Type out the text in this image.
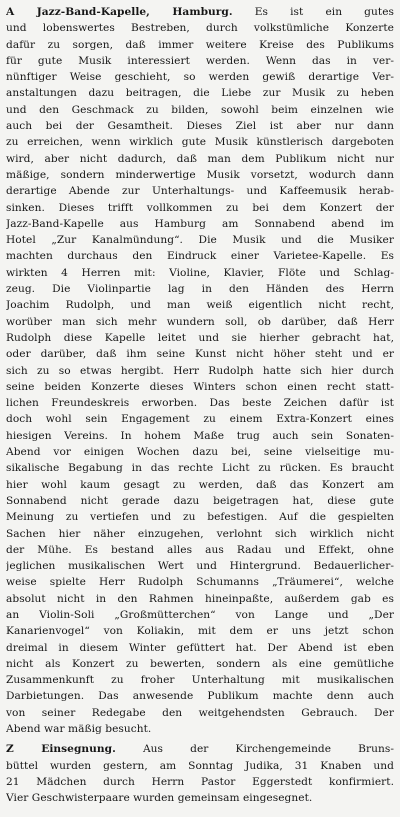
A Jazz-Band-Kapelle, Hamburg. Es ist ein gutes
und lobenswertes Bestreben, durch volkstümliche Konzerte
dafür zu sorgen, daß immer weitere Kreise des Publikums
für gute Musik interessiert werden. Wenn das in ver-
nünftiger Weise geschieht, so werden gewiß derartige Ver-
anstaltungen dazu beitragen, die Liebe zur Musik zu heben
und den Geschmack zu bilden, sowohl beim einzelnen wie
auch bei der Gesamtheit. Dieses Ziel ist aber nur dann
zu erreichen, wenn wirklich gute Musik künstlerisch dargeboten
wird, aber nicht dadurch, daß man dem Publikum nicht nur
mäßige, sondern minderwertige Musik vorsetzt, wodurch dann
derartige Abende zur Unterhaltungs- und Kaffeemusik herab-
sinken. Dieses trifft vollkommen zu bei dem Konzert der
Jazz-Band-Kapelle aus Hamburg am Sonnabend abend im
Hotel „Zur Kanalmündung“. Die Musik und die Musiker
machten durchaus den Eindruck einer Varietee-Kapelle. Es
wirkten 4 Herren mit: Violine, Klavier, Flöte und Schlag-
zeug. Die Violinpartie lag in den Händen des Herrn
Joachim Rudolph, und man weiß eigentlich nicht recht,
worüber man sich mehr wundern soll, ob darüber, daß Herr
Rudolph diese Kapelle leitet und sie hierher gebracht hat,
oder darüber, daß ihm seine Kunst nicht höher steht und er
sich zu so etwas hergibt. Herr Rudolph hatte sich hier durch
seine beiden Konzerte dieses Winters schon einen recht statt-
lichen Freundeskreis erworben. Das beste Zeichen dafür ist
doch wohl sein Engagement zu einem Extra-Konzert eines
hiesigen Vereins. In hohem Maße trug auch sein Sonaten-
Abend vor einigen Wochen dazu bei, seine vielseitige mu-
sikalische Begabung in das rechte Licht zu rücken. Es braucht
hier wohl kaum gesagt zu werden, daß das Konzert am
Sonnabend nicht gerade dazu beigetragen hat, diese gute
Meinung zu vertiefen und zu befestigen. Auf die gespielten
Sachen hier näher einzugehen, verlohnt sich wirklich nicht
der Mühe. Es bestand alles aus Radau und Effekt, ohne
jeglichen musikalischen Wert und Hintergrund. Bedauerlicher-
weise spielte Herr Rudolph Schumanns „Träumerei“, welche
absolut nicht in den Rahmen hineinpaßte, außerdem gab es
an Violin-Soli „Großmütterchen“ von Lange und „Der
Kanarienvogel“ von Koliakin, mit dem er uns jetzt schon
dreimal in diesem Winter gefüttert hat. Der Abend ist eben
nicht als Konzert zu bewerten, sondern als eine gemütliche
Zusammenkunft zu froher Unterhaltung mit musikalischen
Darbietungen. Das anwesende Publikum machte denn auch
von seiner Redegabe den weitgehendsten Gebrauch. Der
Abend war mäßig besucht.
Z Einsegnung. Aus der Kirchengemeinde Bruns-
büttel wurden gestern, am Sonntag Judika, 31 Knaben und
21 Mädchen durch Herrn Pastor Eggerstedt konfirmiert.
Vier Geschwisterpaare wurden gemeinsam eingesegnet.
